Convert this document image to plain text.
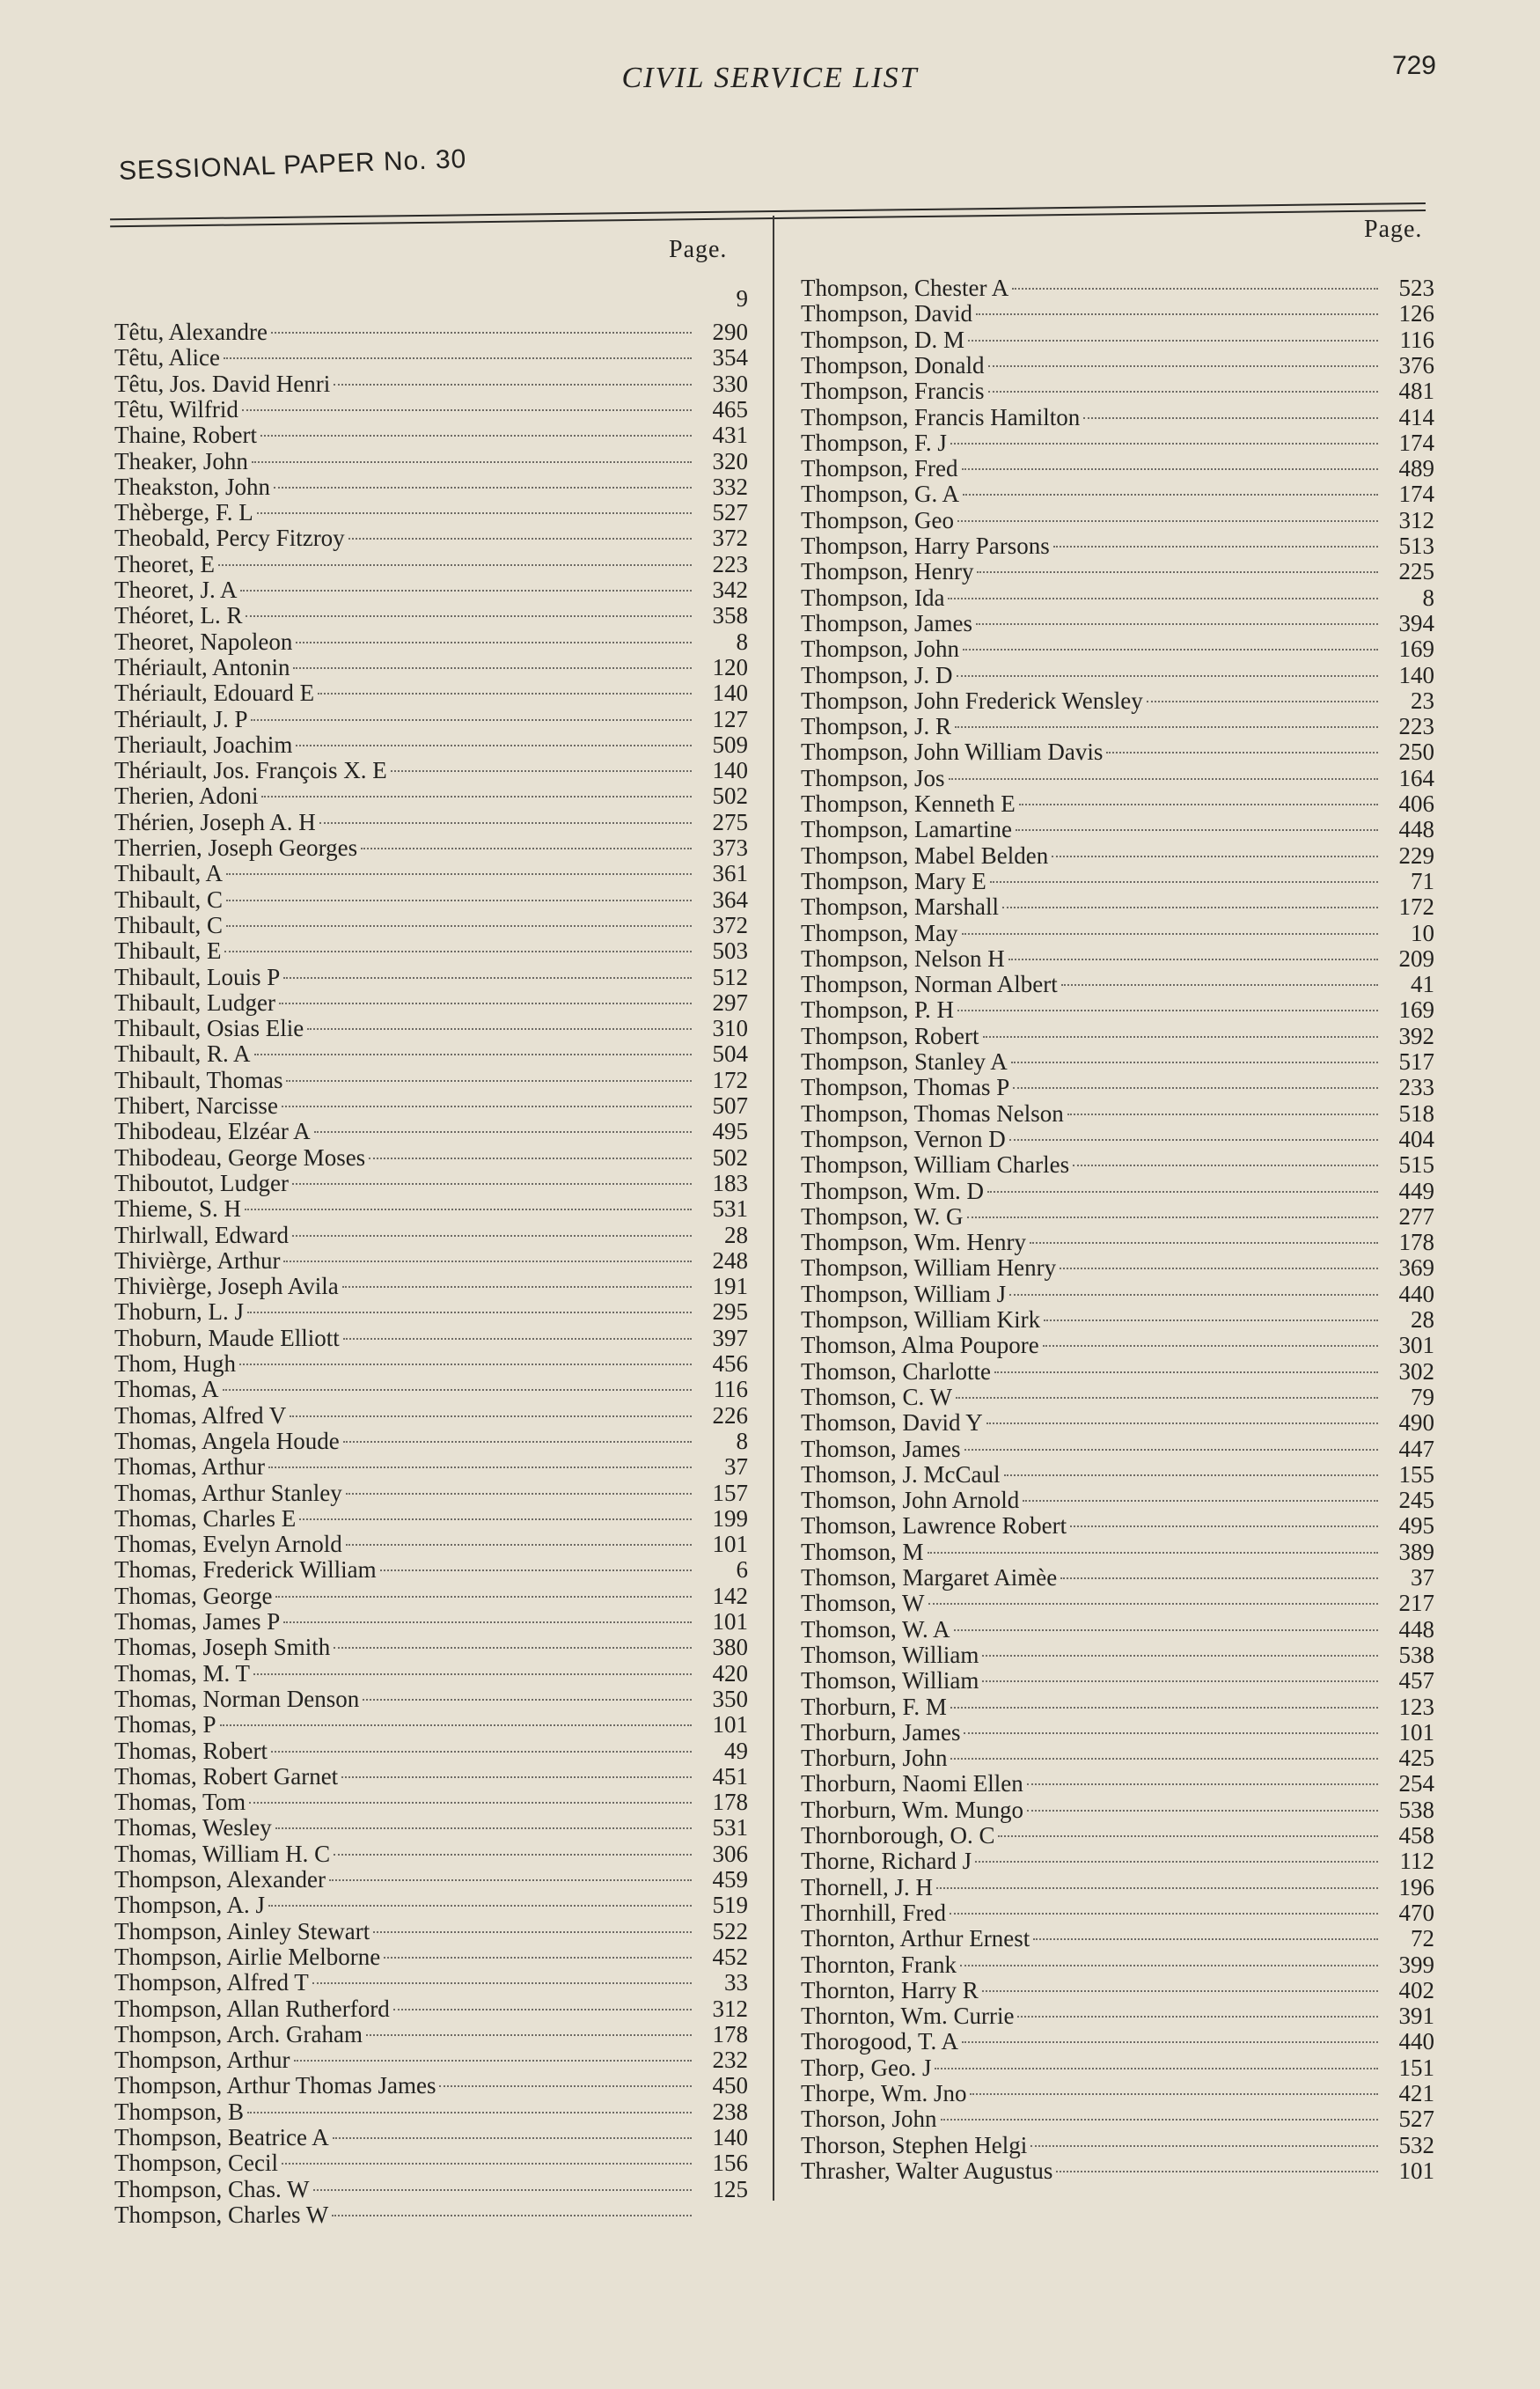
CIVIL SERVICE LIST	729
SESSIONAL PAPER No. 30
Page.
9
Têtu, Alexandre	290
Têtu, Alice	354
Têtu, Jos. David Henri	330
Têtu, Wilfrid	465
Thaine, Robert	431
Theaker, John	320
Theakston, John	332
Thèberge, F. L	527
Theobald, Percy Fitzroy	372
Theoret, E	223
Theoret, J. A	342
Théoret, L. R	358
Theoret, Napoleon	8
Thériault, Antonin	120
Thériault, Edouard E	140
Thériault, J. P	127
Theriault, Joachim	509
Thériault, Jos. François X. E	140
Therien, Adoni	502
Thérien, Joseph A. H	275
Therrien, Joseph Georges	373
Thibault, A	361
Thibault, C	364
Thibault, C	372
Thibault, E	503
Thibault, Louis P	512
Thibault, Ludger	297
Thibault, Osias Elie	310
Thibault, R. A	504
Thibault, Thomas	172
Thibert, Narcisse	507
Thibodeau, Elzéar A	495
Thibodeau, George Moses	502
Thiboutot, Ludger	183
Thieme, S. H	531
Thirlwall, Edward	28
Thivièrge, Arthur	248
Thivièrge, Joseph Avila	191
Thoburn, L. J	295
Thoburn, Maude Elliott	397
Thom, Hugh	456
Thomas, A	116
Thomas, Alfred V	226
Thomas, Angela Houde	8
Thomas, Arthur	37
Thomas, Arthur Stanley	157
Thomas, Charles E	199
Thomas, Evelyn Arnold	101
Thomas, Frederick William	6
Thomas, George	142
Thomas, James P	101
Thomas, Joseph Smith	380
Thomas, M. T	420
Thomas, Norman Denson	350
Thomas, P	101
Thomas, Robert	49
Thomas, Robert Garnet	451
Thomas, Tom	178
Thomas, Wesley	531
Thomas, William H. C	306
Thompson, Alexander	459
Thompson, A. J	519
Thompson, Ainley Stewart	522
Thompson, Airlie Melborne	452
Thompson, Alfred T	33
Thompson, Allan Rutherford	312
Thompson, Arch. Graham	178
Thompson, Arthur	232
Thompson, Arthur Thomas James	450
Thompson, B	238
Thompson, Beatrice A	140
Thompson, Cecil	156
Thompson, Chas. W	125
Thompson, Charles W
Page.
Thompson, Chester A	523
Thompson, David	126
Thompson, D. M	116
Thompson, Donald	376
Thompson, Francis	481
Thompson, Francis Hamilton	414
Thompson, F. J	174
Thompson, Fred	489
Thompson, G. A	174
Thompson, Geo	312
Thompson, Harry Parsons	513
Thompson, Henry	225
Thompson, Ida	8
Thompson, James	394
Thompson, John	169
Thompson, J. D	140
Thompson, John Frederick Wensley	23
Thompson, J. R	223
Thompson, John William Davis	250
Thompson, Jos	164
Thompson, Kenneth E	406
Thompson, Lamartine	448
Thompson, Mabel Belden	229
Thompson, Mary E	71
Thompson, Marshall	172
Thompson, May	10
Thompson, Nelson H	209
Thompson, Norman Albert	41
Thompson, P. H	169
Thompson, Robert	392
Thompson, Stanley A	517
Thompson, Thomas P	233
Thompson, Thomas Nelson	518
Thompson, Vernon D	404
Thompson, William Charles	515
Thompson, Wm. D	449
Thompson, W. G	277
Thompson, Wm. Henry	178
Thompson, William Henry	369
Thompson, William J	440
Thompson, William Kirk	28
Thomson, Alma Poupore	301
Thomson, Charlotte	302
Thomson, C. W	79
Thomson, David Y	490
Thomson, James	447
Thomson, J. McCaul	155
Thomson, John Arnold	245
Thomson, Lawrence Robert	495
Thomson, M	389
Thomson, Margaret Aimèe	37
Thomson, W	217
Thomson, W. A	448
Thomson, William	538
Thomson, William	457
Thorburn, F. M	123
Thorburn, James	101
Thorburn, John	425
Thorburn, Naomi Ellen	254
Thorburn, Wm. Mungo	538
Thornborough, O. C	458
Thorne, Richard J	112
Thornell, J. H	196
Thornhill, Fred	470
Thornton, Arthur Ernest	72
Thornton, Frank	399
Thornton, Harry R	402
Thornton, Wm. Currie	391
Thorogood, T. A	440
Thorp, Geo. J	151
Thorpe, Wm. Jno	421
Thorson, John	527
Thorson, Stephen Helgi	532
Thrasher, Walter Augustus	101
